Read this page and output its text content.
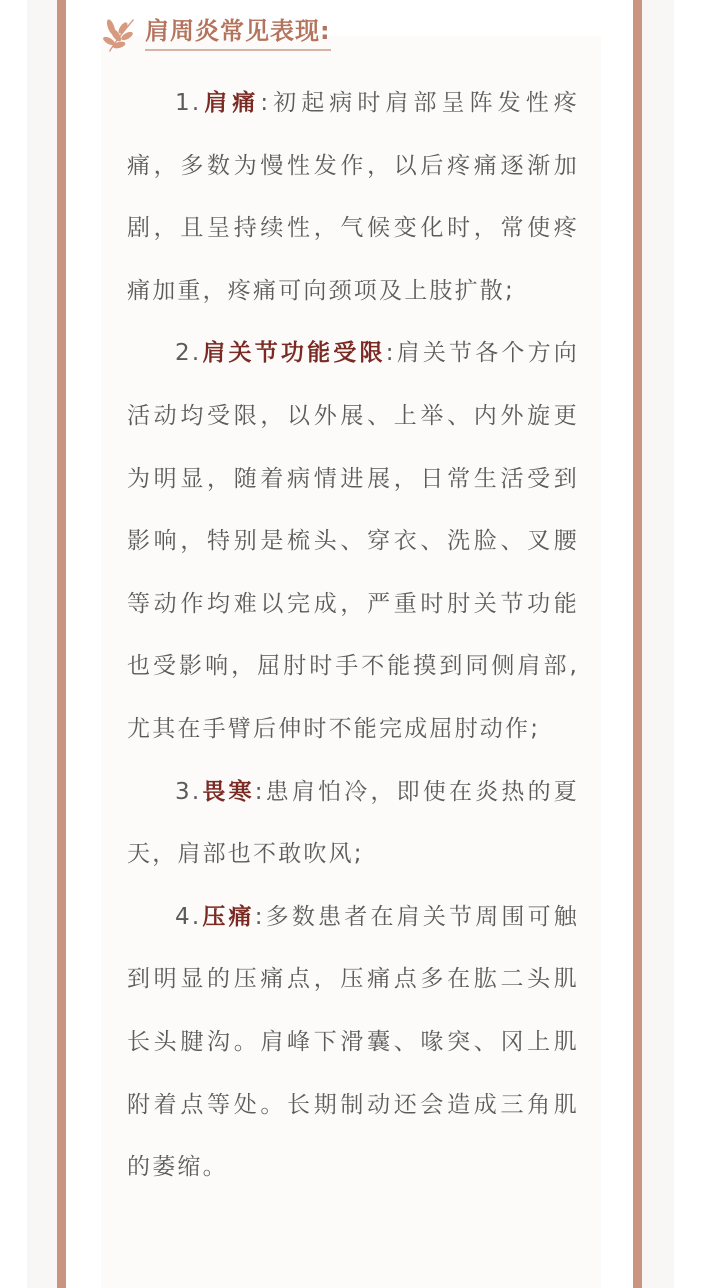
肩周炎常见表现:

1.肩痛:初起病时肩部呈阵发性疼痛，多数为慢性发作，以后疼痛逐渐加剧，且呈持续性，气候变化时，常使疼痛加重，疼痛可向颈项及上肢扩散;

2.肩关节功能受限:肩关节各个方向活动均受限，以外展、上举、内外旋更为明显，随着病情进展，日常生活受到影响，特别是梳头、穿衣、洗脸、叉腰等动作均难以完成，严重时肘关节功能也受影响，屈肘时手不能摸到同侧肩部,尤其在手臂后伸时不能完成屈肘动作;

3.畏寒:患肩怕冷，即使在炎热的夏天，肩部也不敢吹风;

4.压痛:多数患者在肩关节周围可触到明显的压痛点，压痛点多在肱二头肌长头腱沟。肩峰下滑囊、喙突、冈上肌附着点等处。长期制动还会造成三角肌的萎缩。
